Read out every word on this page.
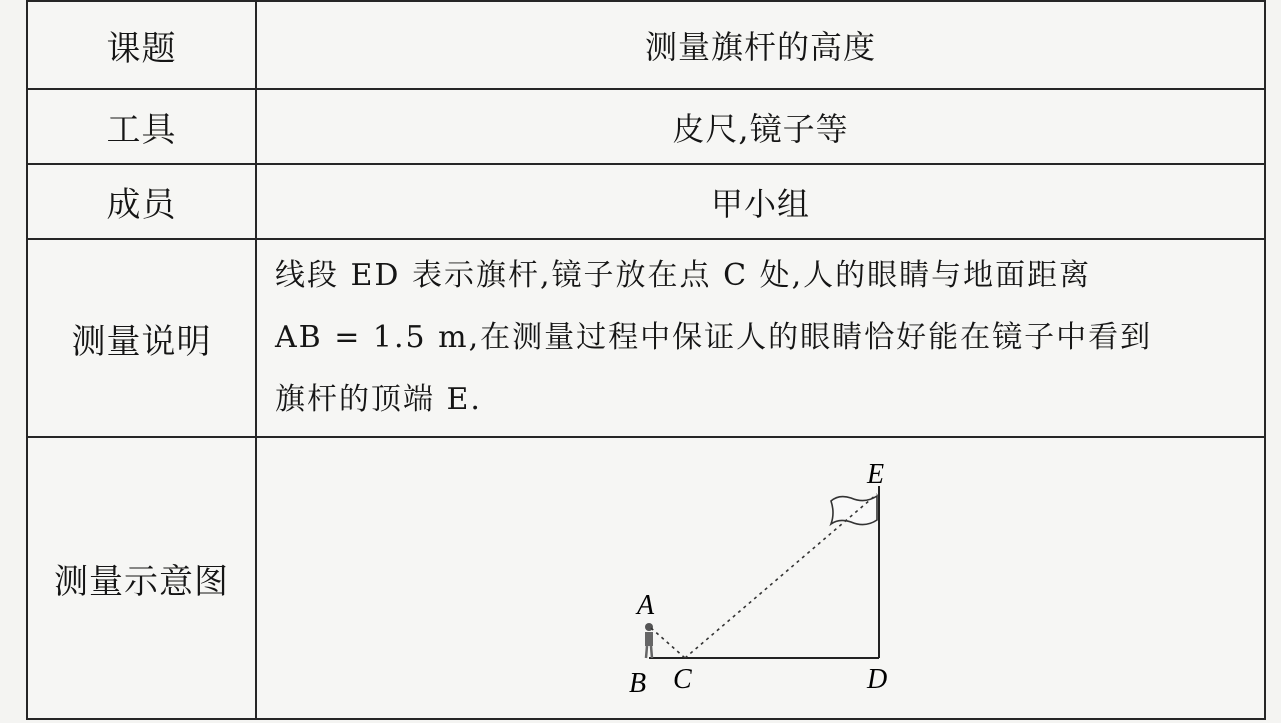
课题	测量旗杆的高度
工具	皮尺,镜子等
成员	甲小组
测量说明	线段 ED 表示旗杆,镜子放在点 C 处,人的眼睛与地面距离
AB = 1.5 m,在测量过程中保证人的眼睛恰好能在镜子中看到
旗杆的顶端 E.

测量示意图	A
B C D
E
